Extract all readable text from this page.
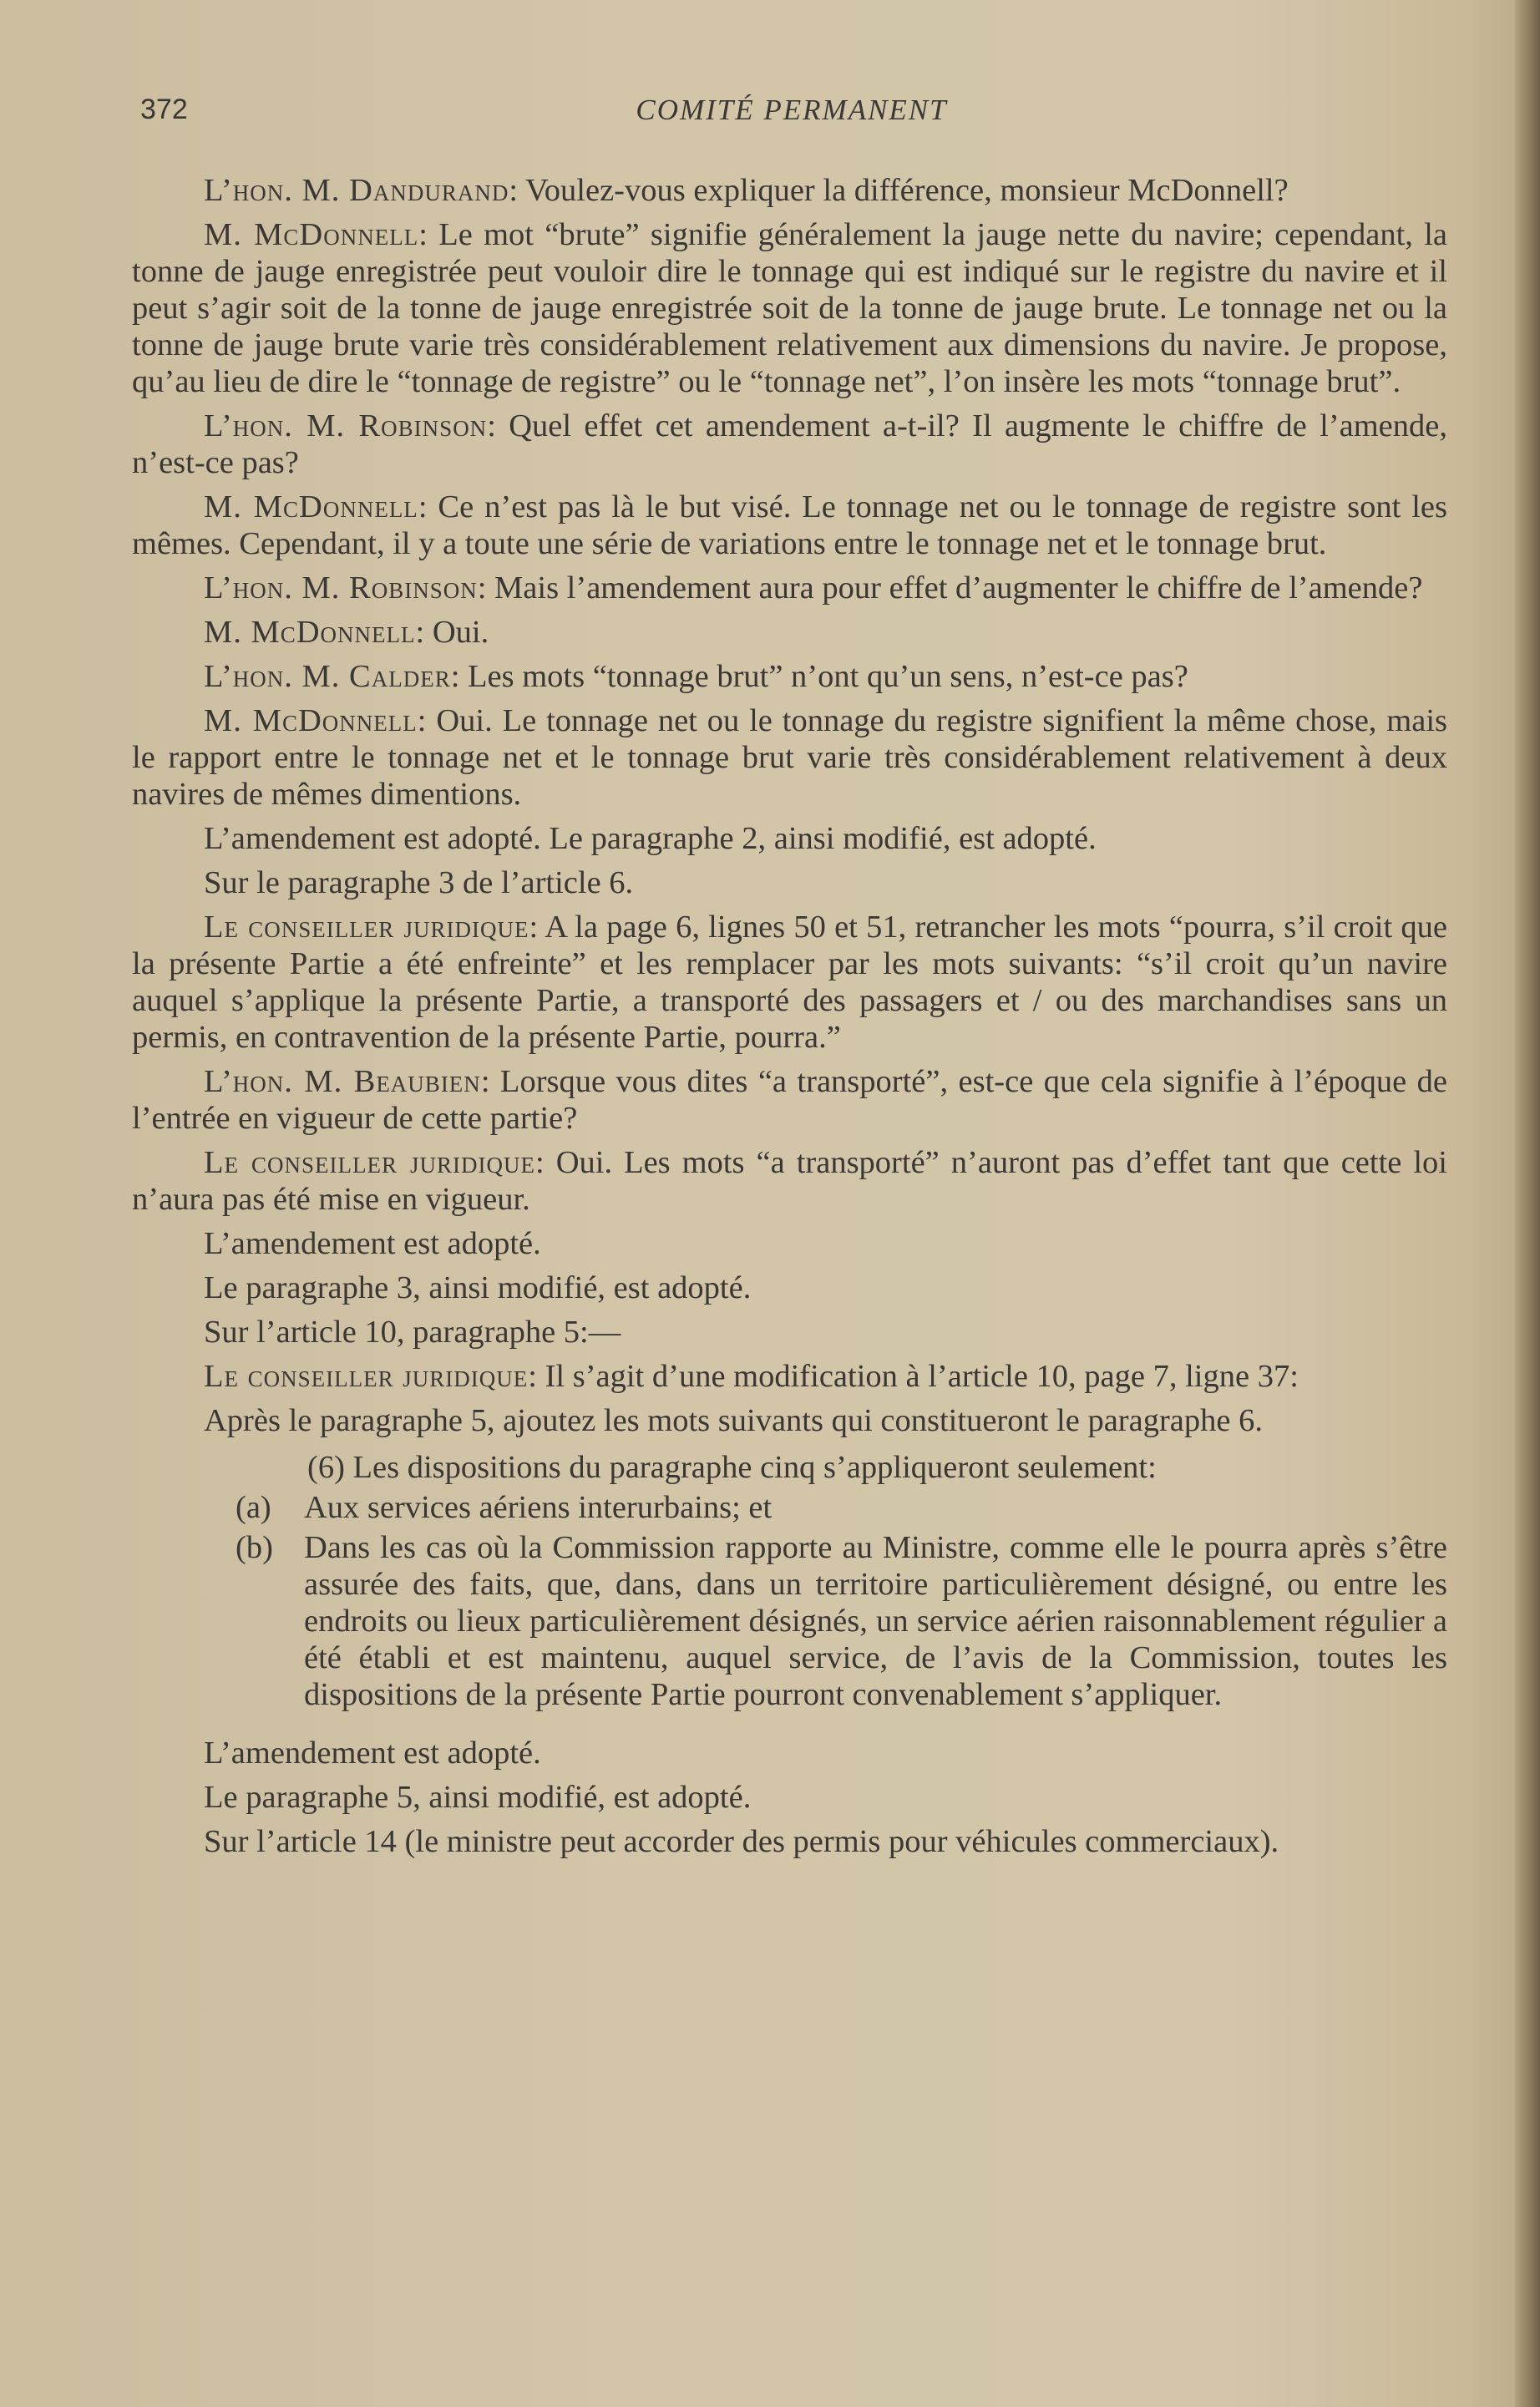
372	COMITÉ PERMANENT

L’hon. M. Dandurand: Voulez-vous expliquer la différence, monsieur McDonnell?

M. McDonnell: Le mot “brute” signifie généralement la jauge nette du navire; cependant, la tonne de jauge enregistrée peut vouloir dire le tonnage qui est indiqué sur le registre du navire et il peut s’agir soit de la tonne de jauge enregistrée soit de la tonne de jauge brute. Le tonnage net ou la tonne de jauge brute varie très considérablement relativement aux dimensions du navire. Je propose, qu’au lieu de dire le “tonnage de registre” ou le “tonnage net”, l’on insère les mots “tonnage brut”.

L’hon. M. Robinson: Quel effet cet amendement a-t-il? Il augmente le chiffre de l’amende, n’est-ce pas?

M. McDonnell: Ce n’est pas là le but visé. Le tonnage net ou le tonnage de registre sont les mêmes. Cependant, il y a toute une série de variations entre le tonnage net et le tonnage brut.

L’hon. M. Robinson: Mais l’amendement aura pour effet d’augmenter le chiffre de l’amende?

M. McDonnell: Oui.

L’hon. M. Calder: Les mots “tonnage brut” n’ont qu’un sens, n’est-ce pas?

M. McDonnell: Oui. Le tonnage net ou le tonnage du registre signifient la même chose, mais le rapport entre le tonnage net et le tonnage brut varie très considérablement relativement à deux navires de mêmes dimentions.

L’amendement est adopté. Le paragraphe 2, ainsi modifié, est adopté.

Sur le paragraphe 3 de l’article 6.

Le conseiller juridique: A la page 6, lignes 50 et 51, retrancher les mots “pourra, s’il croit que la présente Partie a été enfreinte” et les remplacer par les mots suivants: “s’il croit qu’un navire auquel s’applique la présente Partie, a transporté des passagers et / ou des marchandises sans un permis, en contravention de la présente Partie, pourra.”

L’hon. M. Beaubien: Lorsque vous dites “a transporté”, est-ce que cela signifie à l’époque de l’entrée en vigueur de cette partie?

Le conseiller juridique: Oui. Les mots “a transporté” n’auront pas d’effet tant que cette loi n’aura pas été mise en vigueur.

L’amendement est adopté.

Le paragraphe 3, ainsi modifié, est adopté.

Sur l’article 10, paragraphe 5:—

Le conseiller juridique: Il s’agit d’une modification à l’article 10, page 7, ligne 37:

Après le paragraphe 5, ajoutez les mots suivants qui constitueront le paragraphe 6.

(6) Les dispositions du paragraphe cinq s’appliqueront seulement:

(a)	Aux services aériens interurbains; et
(b) Dans les cas où la Commission rapporte au Ministre, comme elle le pourra après s’être assurée des faits, que, dans, dans un territoire particulièrement désigné, ou entre les endroits ou lieux particulièrement désignés, un service aérien raisonnablement régulier a été établi et est maintenu, auquel service, de l’avis de la Commission, toutes les dispositions de la présente Partie pourront convenablement s’appliquer.

L’amendement est adopté.

Le paragraphe 5, ainsi modifié, est adopté.

Sur l’article 14 (le ministre peut accorder des permis pour véhicules commerciaux).
